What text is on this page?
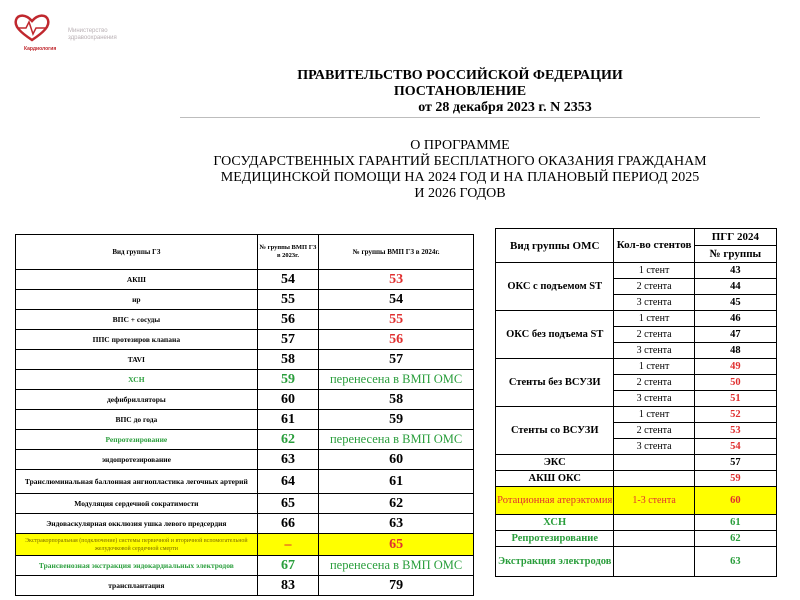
Министерство
здравоохранения
Кардиология
ПРАВИТЕЛЬСТВО РОССИЙСКОЙ ФЕДЕРАЦИИ
ПОСТАНОВЛЕНИЕ
от 28 декабря 2023 г. N 2353
О ПРОГРАММЕ
ГОСУДАРСТВЕННЫХ ГАРАНТИЙ БЕСПЛАТНОГО ОКАЗАНИЯ ГРАЖДАНАМ
МЕДИЦИНСКОЙ ПОМОЩИ НА 2024 ГОД И НА ПЛАНОВЫЙ ПЕРИОД 2025
И 2026 ГОДОВ
Вид группы ГЗ	№ группы ВМП ГЗ в 2023г.	№ группы ВМП ГЗ в 2024г.
АКШ	54	53
нр	55	54
ВПС + сосуды	56	55
ППС протезиров клапана	57	56
TAVI	58	57
ХСН	59	перенесена в ВМП ОМС
дефибрилляторы	60	58
ВПС до года	61	59
Репротезирование	62	перенесена в ВМП ОМС
эндопротезирование	63	60
Транслюминальная баллонная ангиопластика легочных артерий	64	61
Модуляция сердечной сократимости	65	62
Эндоваскулярная окклюзия ушка левого предсердия	66	63
Экстракорпоральная (подключение) системы первичной и вторичной вспомогательной желудочковой сердечной смерти	–	65
Трансвенозная экстракция эндокардиальных электродов	67	перенесена в ВМП ОМС
трансплантация	83	79
Вид группы ОМС	Кол-во стентов	ПГГ 2024
		№ группы
ОКС с подъемом ST	1 стент	43
	2 стента	44
	3 стента	45
ОКС без подъема ST	1 стент	46
	2 стента	47
	3 стента	48
Стенты без ВСУЗИ	1 стент	49
	2 стента	50
	3 стента	51
Стенты со ВСУЗИ	1 стент	52
	2 стента	53
	3 стента	54
ЭКС		57
АКШ ОКС		59
Ротационная атерэктомия	1-3 стента	60
ХСН		61
Репротезирование		62
Экстракция электродов		63
